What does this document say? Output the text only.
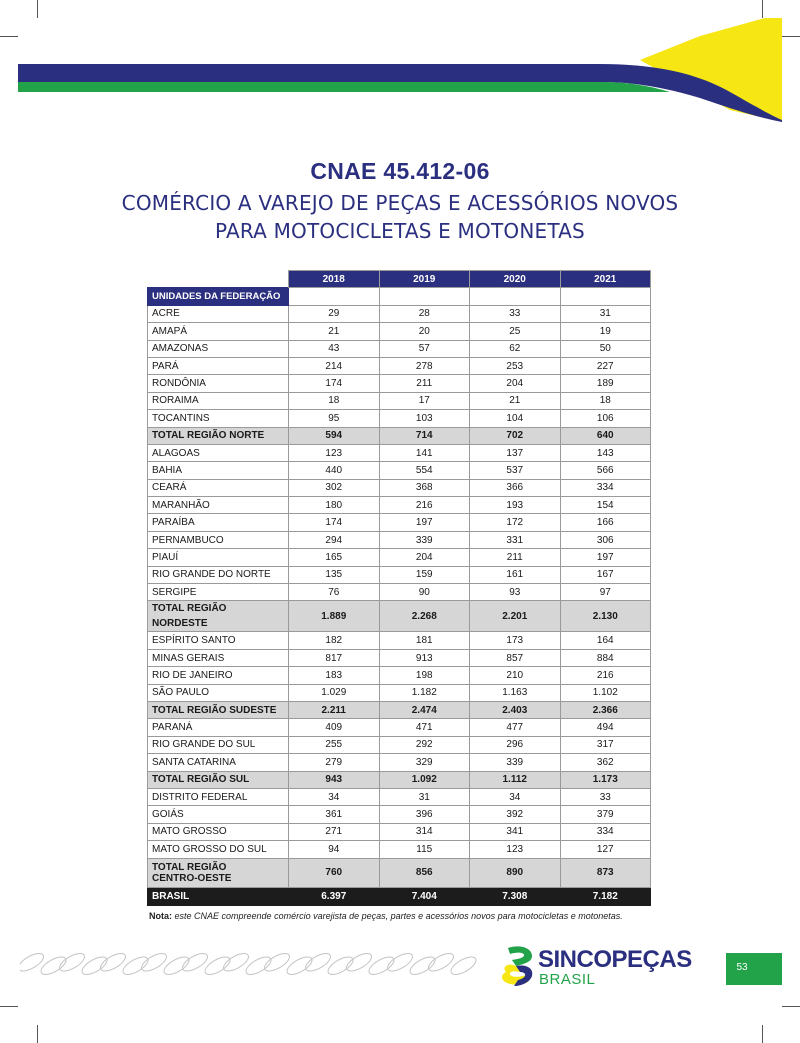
CNAE 45.412-06
COMÉRCIO A VAREJO DE PEÇAS E ACESSÓRIOS NOVOS
PARA MOTOCICLETAS E MOTONETAS
	2018	2019	2020	2021
UNIDADES DA FEDERAÇÃO				
ACRE	29	28	33	31
AMAPÁ	21	20	25	19
AMAZONAS	43	57	62	50
PARÁ	214	278	253	227
RONDÔNIA	174	211	204	189
RORAIMA	18	17	21	18
TOCANTINS	95	103	104	106
TOTAL REGIÃO NORTE	594	714	702	640
ALAGOAS	123	141	137	143
BAHIA	440	554	537	566
CEARÁ	302	368	366	334
MARANHÃO	180	216	193	154
PARAÍBA	174	197	172	166
PERNAMBUCO	294	339	331	306
PIAUÍ	165	204	211	197
RIO GRANDE DO NORTE	135	159	161	167
SERGIPE	76	90	93	97
TOTAL REGIÃO NORDESTE	1.889	2.268	2.201	2.130
ESPÍRITO SANTO	182	181	173	164
MINAS GERAIS	817	913	857	884
RIO DE JANEIRO	183	198	210	216
SÃO PAULO	1.029	1.182	1.163	1.102
TOTAL REGIÃO SUDESTE	2.211	2.474	2.403	2.366
PARANÁ	409	471	477	494
RIO GRANDE DO SUL	255	292	296	317
SANTA CATARINA	279	329	339	362
TOTAL REGIÃO SUL	943	1.092	1.112	1.173
DISTRITO FEDERAL	34	31	34	33
GOIÁS	361	396	392	379
MATO GROSSO	271	314	341	334
MATO GROSSO DO SUL	94	115	123	127

TOTAL REGIÃO
CENTRO-OESTE	760	856	890	873
BRASIL	6.397	7.404	7.308	7.182
Nota: este CNAE compreende comércio varejista de peças, partes e acessórios novos para motocicletas e motonetas.
SINCOPEÇAS
BRASIL
53
